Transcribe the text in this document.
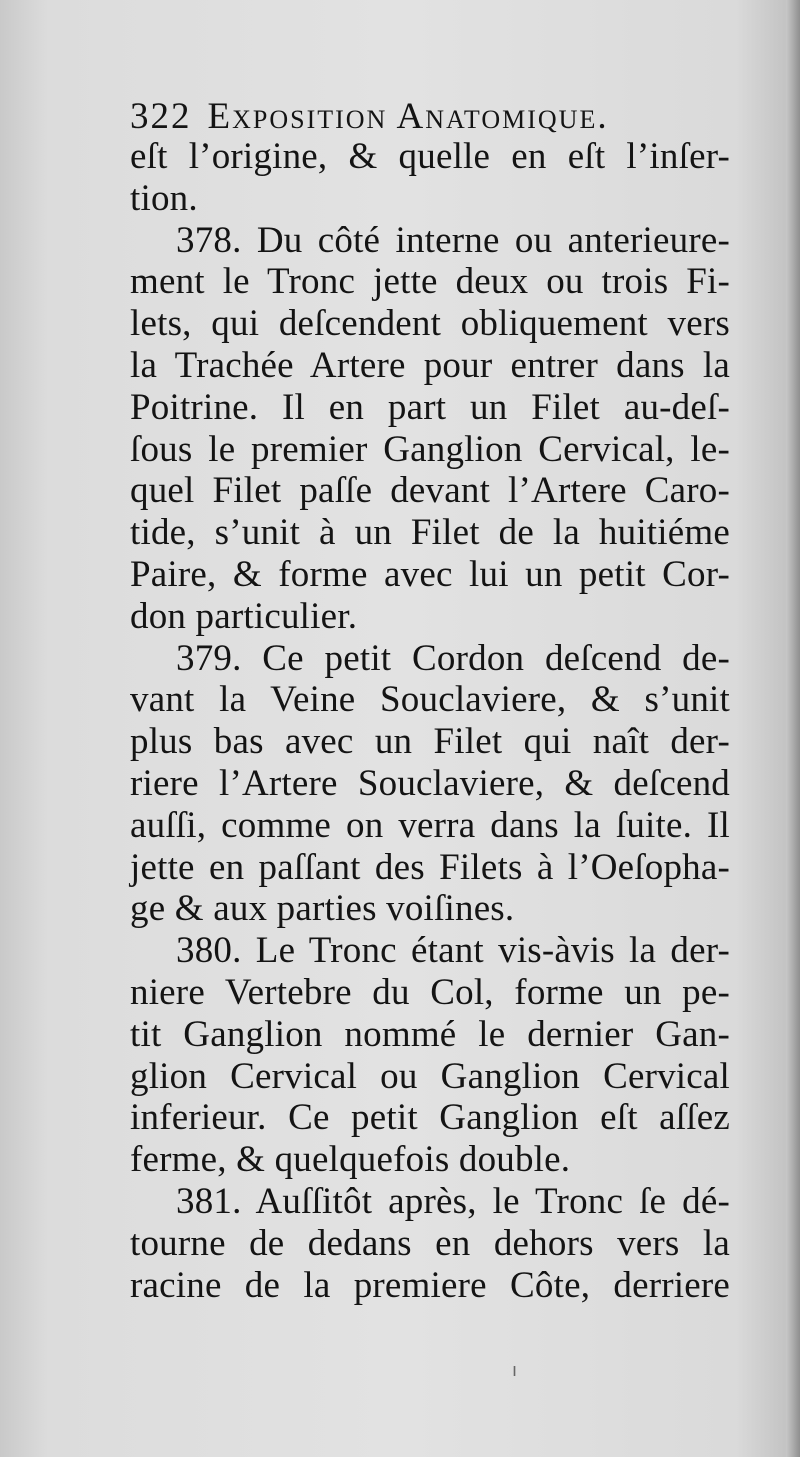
322 Exposition Anatomique.
eſt l’origine, & quelle en eſt l’inſer-
tion.
378. Du côté interne ou anterieure-
ment le Tronc jette deux ou trois Fi-
lets, qui deſcendent obliquement vers
la Trachée Artere pour entrer dans la
Poitrine. Il en part un Filet au-deſ-
ſous le premier Ganglion Cervical, le-
quel Filet paſſe devant l’Artere Caro-
tide, s’unit à un Filet de la huitiéme
Paire, & forme avec lui un petit Cor-
don particulier.
379. Ce petit Cordon deſcend de-
vant la Veine Souclaviere, & s’unit
plus bas avec un Filet qui naît der-
riere l’Artere Souclaviere, & deſcend
auſſi, comme on verra dans la ſuite. Il
jette en paſſant des Filets à l’Oeſopha-
ge & aux parties voiſines.
380. Le Tronc étant vis-àvis la der-
niere Vertebre du Col, forme un pe-
tit Ganglion nommé le dernier Gan-
glion Cervical ou Ganglion Cervical
inferieur. Ce petit Ganglion eſt aſſez
ferme, & quelquefois double.
381. Auſſitôt après, le Tronc ſe dé-
tourne de dedans en dehors vers la
racine de la premiere Côte, derriere
ı
